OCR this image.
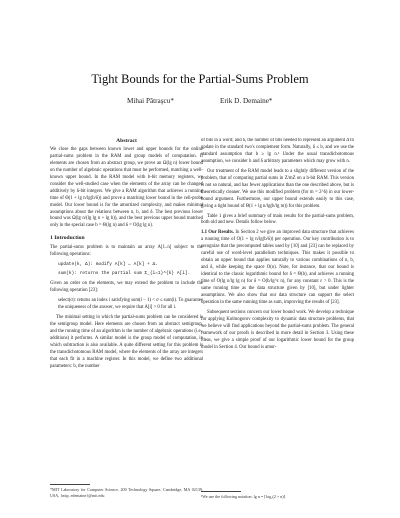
Tight Bounds for the Partial-Sums Problem
Mihai Pătraşcu*	Erik D. Demaine*
Abstract

We close the gaps between known lower and upper bounds for the online partial-sums problem in the RAM and group models of computation. If elements are chosen from an abstract group, we prove an Ω(lg n) lower bound on the number of algebraic operations that must be performed, matching a well-known upper bound. In the RAM model with b-bit memory registers, we consider the well-studied case when the elements of the array can be changed additively by δ-bit integers. We give a RAM algorithm that achieves a running time of Θ(1 + lg n/lg(b/δ)) and prove a matching lower bound in the cell-probe model. Our lower bound is for the amortized complexity, and makes minimal assumptions about the relations between n, b, and δ. The best previous lower bound was Ω(lg n/(lg lg n + lg b)), and the best previous upper bound matched only in the special case b = Θ(lg n) and δ = O(lg lg n).

1 Introduction

The partial-sums problem is to maintain an array A[1..n] subject to the following operations:

update(k, Δ): modify A[k] ← A[k] + Δ.

sum(k): returns the partial sum Σ_{i=1}^{k} A[i].

Given an order on the elements, we may extend the problem to include the following operation [23]:

select(σ): returns an index i satisfying sum(i − 1) < σ ≤ sum(i). To guarantee the uniqueness of the answer, we require that A[i] > 0 for all i.

The minimal setting in which the partial-sums problem can be considered is the semigroup model. Here elements are chosen from an abstract semigroup, and the running time of an algorithm is the number of algebraic operations (i.e., additions) it performs. A similar model is the group model of computation, in which subtraction is also available. A quite different setting for this problem is the transdichotomous RAM model, where the elements of the array are integers that each fit in a machine register. In this model, we define two additional parameters: b, the number

*MIT Laboratory for Computer Science, 200 Technology Square, Cambridge, MA 02139, USA, {mip, edemaine}@mit.edu

of bits in a word; and δ, the number of bits needed to represent an argument Δ to update in the standard two's complement form. Naturally, δ ≤ b, and we use the standard assumption that b ≥ lg n.¹ Under the usual transdichotomous assumption, we consider b and δ arbitrary parameters which may grow with n.

Our treatment of the RAM model leads to a slightly different version of the problem, that of computing partial sums in Z/mZ on a b-bit RAM. This version is not so natural, and has fewer applications than the one described above, but is theoretically cleaner. We use this modified problem (for m = 2^δ) in our lower-bound argument. Furthermore, our upper bound extends easily to this case, giving a tight bound of Θ(1 + lg n/lg(b/lg m)) for this problem.

Table 1 gives a brief summary of main results for the partial-sums problem, both old and new. Details follow below.

1.1 Our Results. In Section 2 we give an improved data structure that achieves a running time of O(1 + lg n/lg(b/δ)) per operation. Our key contribution is to recognize that the precomputed tables used by [10] and [23] can be replaced by careful use of word-level parallelism techniques. This makes it possible to obtain an upper bound that applies naturally to various combinations of n, b, and δ, while keeping the space O(n). Note, for instance, that our bound is identical to the classic logarithmic bound for δ = Θ(b), and achieves a running time of O(lg n/lg lg n) for δ = O(b/lg^ε n), for any constant ε > 0. This is the same running time as the data structure given by [10], but under lighter assumptions. We also show that our data structure can support the select operation in the same running time as sum, improving the results of [23].

Subsequent sections concern our lower bound work. We develop a technique for applying Kolmogorov complexity to dynamic data structure problems, that we believe will find applications beyond the partial-sums problem. The general framework of our proofs is described in more detail in Section 3. Using these ideas, we give a simple proof of our logarithmic lower bound for the group model in Section 4. Our bound is amor-

¹We use the following notation: lg n = ⌈log₂(2 + n)⌉.
